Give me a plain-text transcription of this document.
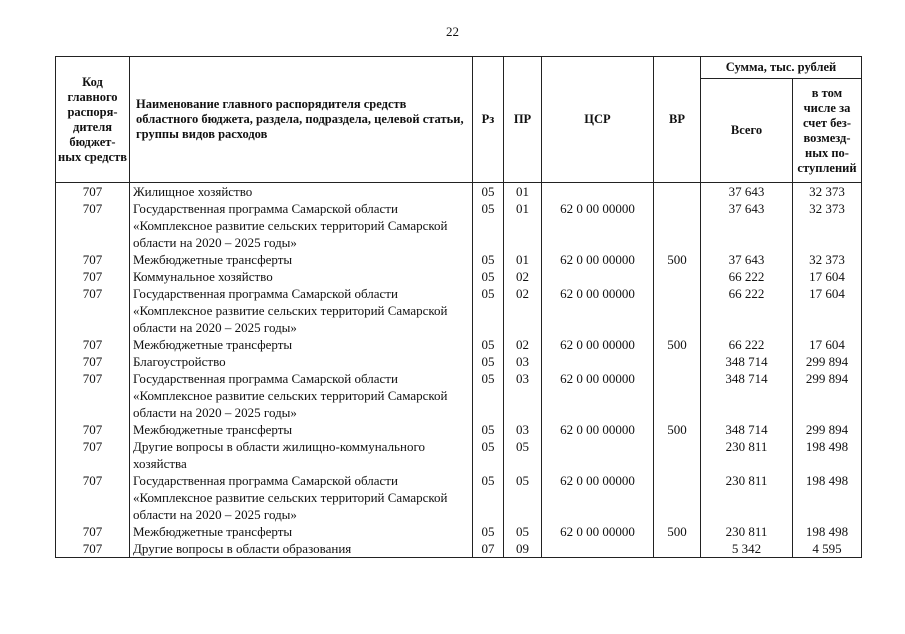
22
Код главного распоря-дителя бюджет-ных средств	Наименование главного распорядителя средств областного бюджета, раздела, подраздела, целевой статьи, группы видов расходов	Рз	ПР	ЦСР	ВР	Сумма, тыс. рублей	
						Всего	в том числе за счет без-возмезд-ных по-ступлений
707	Жилищное хозяйство	05	01			37 643	32 373
707	Государственная программа Самарской области «Комплексное развитие сельских территорий Самарской области на 2020 – 2025 годы»	05	01	62 0 00 00000		37 643	32 373
707	Межбюджетные трансферты	05	01	62 0 00 00000	500	37 643	32 373
707	Коммунальное хозяйство	05	02			66 222	17 604
707	Государственная программа Самарской области «Комплексное развитие сельских территорий Самарской области на 2020 – 2025 годы»	05	02	62 0 00 00000		66 222	17 604
707	Межбюджетные трансферты	05	02	62 0 00 00000	500	66 222	17 604
707	Благоустройство	05	03			348 714	299 894
707	Государственная программа Самарской области «Комплексное развитие сельских территорий Самарской области на 2020 – 2025 годы»	05	03	62 0 00 00000		348 714	299 894
707	Межбюджетные трансферты	05	03	62 0 00 00000	500	348 714	299 894
707	Другие вопросы в области жилищно-коммунального хозяйства	05	05			230 811	198 498
707	Государственная программа Самарской области «Комплексное развитие сельских территорий Самарской области на 2020 – 2025 годы»	05	05	62 0 00 00000		230 811	198 498
707	Межбюджетные трансферты	05	05	62 0 00 00000	500	230 811	198 498
707	Другие вопросы в области образования	07	09			5 342	4 595
